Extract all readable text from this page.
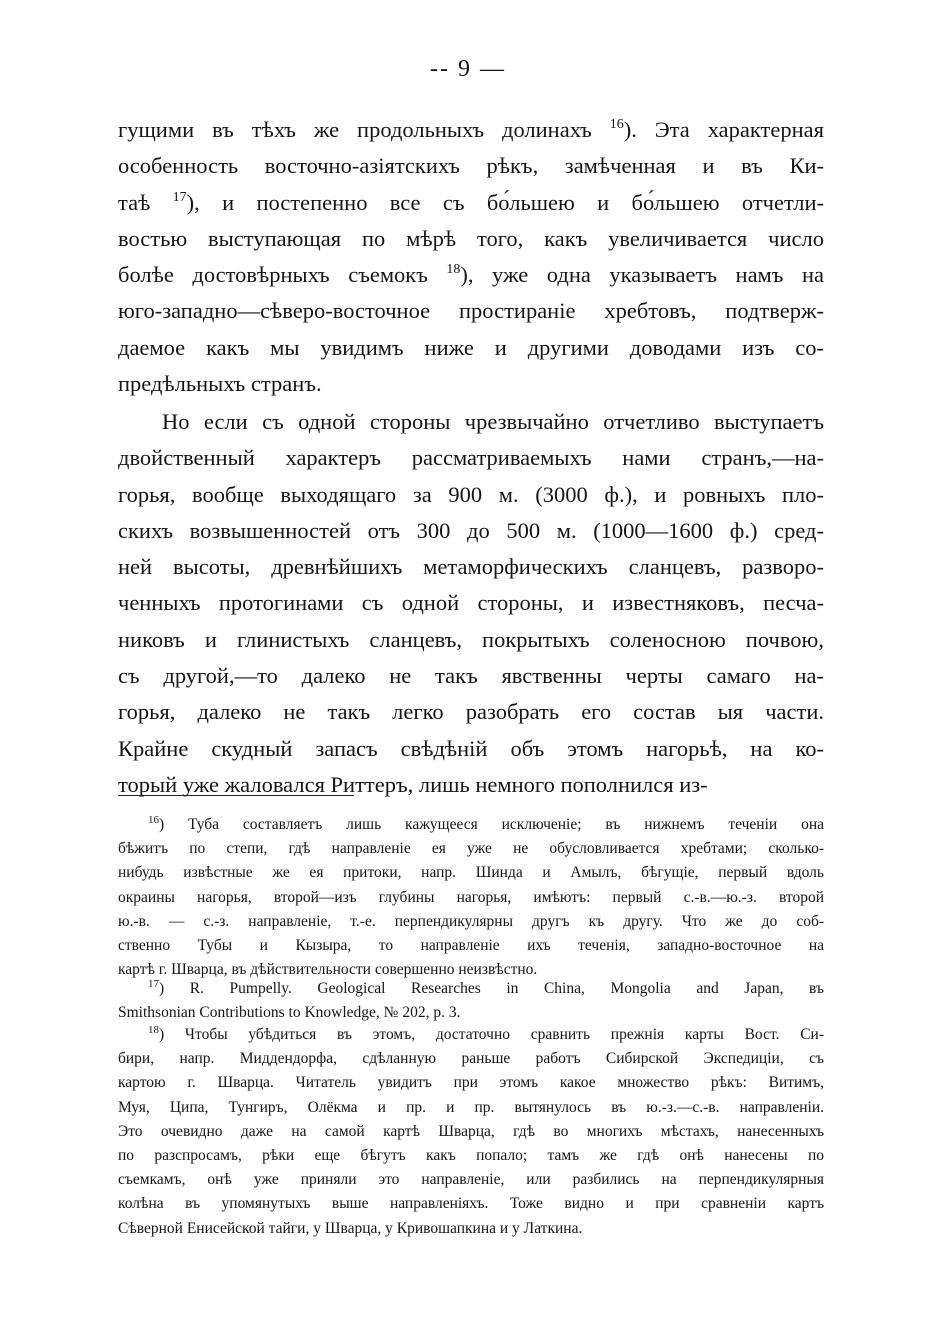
-- 9 —
гущими въ тѣхъ же продольныхъ долинахъ $^{16}$). Эта характерная
особенность восточно-азіятскихъ рѣкъ, замѣченная и въ Ки-
таѣ $^{17}$), и постепенно все съ бо́льшею и бо́льшею отчетли-
востью выступающая по мѣрѣ того, какъ увеличивается число
болѣе достовѣрныхъ съемокъ $^{18}$), уже одна указываетъ намъ на
юго-западно—сѣверо-восточное простираніе хребтовъ, подтверж-
даемое какъ мы увидимъ ниже и другими доводами изъ со-
предѣльныхъ странъ.
Но если съ одной стороны чрезвычайно отчетливо выступаетъ
двойственный характеръ рассматриваемыхъ нами странъ,—на-
горья, вообще выходящаго за 900 м. (3000 ф.), и ровныхъ пло-
скихъ возвышенностей отъ 300 до 500 м. (1000—1600 ф.) сред-
ней высоты, древнѣйшихъ метаморфическихъ сланцевъ, разворо-
ченныхъ протогинами съ одной стороны, и известняковъ, песча-
никовъ и глинистыхъ сланцевъ, покрытыхъ соленосною почвою,
съ другой,—то далеко не такъ явственны черты самаго на-
горья, далеко не такъ легко разобрать его состав ыя части.
Крайне скудный запасъ свѣдѣній объ этомъ нагорьѣ, на ко-
торый уже жаловался Риттеръ, лишь немного пополнился из-
$^{16}$) Туба составляетъ лишь кажущееся исключеніе; въ нижнемъ теченіи она
бѣжитъ по степи, гдѣ направленіе ея уже не обусловливается хребтами; сколько-
нибудь извѣстные же ея притоки, напр. Шинда и Амылъ, бѣгущіе, первый вдоль
окраины нагорья, второй—изъ глубины нагорья, имѣютъ: первый с.-в.—ю.-з. второй
ю.-в. — с.-з. направленіе, т.-е. перпендикулярны другъ къ другу. Что же до соб-
ственно Тубы и Кызыра, то направленіе ихъ теченія, западно-восточное на
картѣ г. Шварца, въ дѣйствительности совершенно неизвѣстно.
$^{17}$) R. Pumpelly. Geological Researches in China, Mongolia and Japan, въ
Smithsonian Contributions to Knowledge, № 202, p. 3.
$^{18}$) Чтобы убѣдиться въ этомъ, достаточно сравнить прежнія карты Вост. Си-
бири, напр. Миддендорфа, сдѣланную раньше работъ Сибирской Экспедиціи, съ
картою г. Шварца. Читатель увидитъ при этомъ какое множество рѣкъ: Витимъ,
Муя, Ципа, Тунгиръ, Олёкма и пр. и пр. вытянулось въ ю.-з.—с.-в. направленіи.
Это очевидно даже на самой картѣ Шварца, гдѣ во многихъ мѣстахъ, нанесенныхъ
по разспросамъ, рѣки еще бѣгутъ какъ попало; тамъ же гдѣ онѣ нанесены по
съемкамъ, онѣ уже приняли это направленіе, или разбились на перпендикулярныя
колѣна въ упомянутыхъ выше направленіяхъ. Тоже видно и при сравненіи картъ
Сѣверной Енисейской тайги, у Шварца, у Кривошапкина и у Латкина.
